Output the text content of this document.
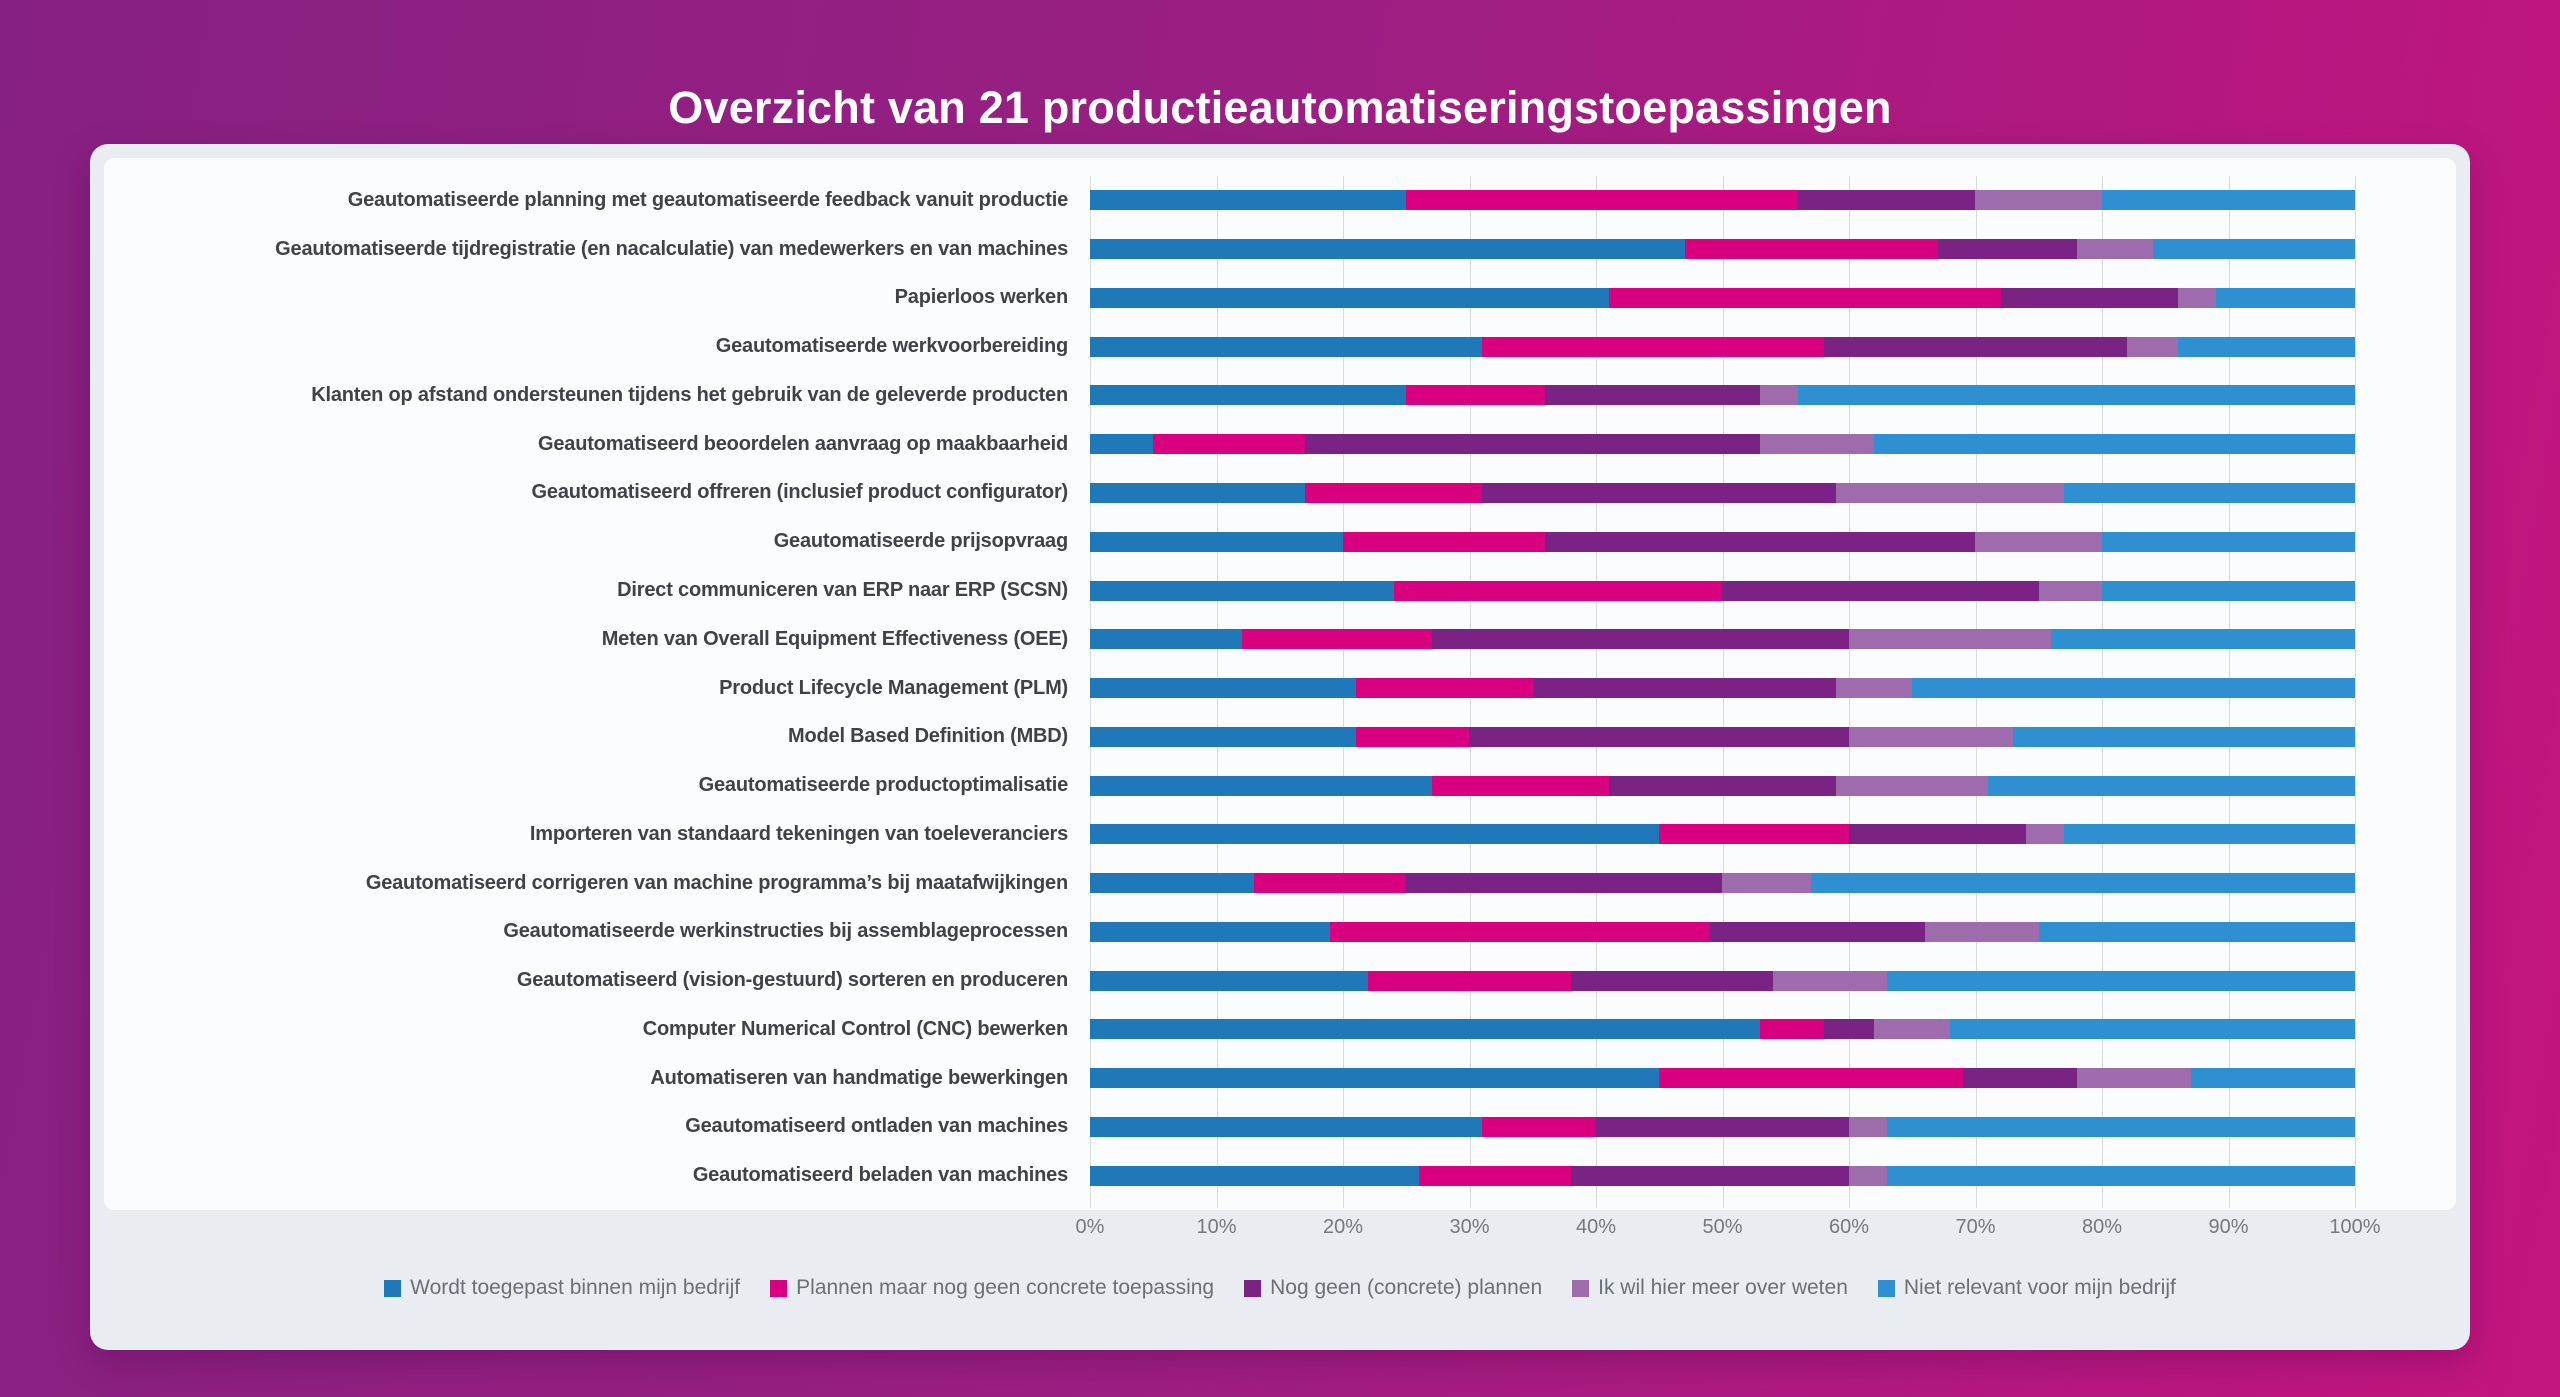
Overzicht van 21 productieautomatiseringstoepassingen
Geautomatiseerde planning met geautomatiseerde feedback vanuit productie
Geautomatiseerde tijdregistratie (en nacalculatie) van medewerkers en van machines
Papierloos werken
Geautomatiseerde werkvoorbereiding
Klanten op afstand ondersteunen tijdens het gebruik van de geleverde producten
Geautomatiseerd beoordelen aanvraag op maakbaarheid
Geautomatiseerd offreren (inclusief product configurator)
Geautomatiseerde prijsopvraag
Direct communiceren van ERP naar ERP (SCSN)
Meten van Overall Equipment Effectiveness (OEE)
Product Lifecycle Management (PLM)
Model Based Definition (MBD)
Geautomatiseerde productoptimalisatie
Importeren van standaard tekeningen van toeleveranciers
Geautomatiseerd corrigeren van machine programma’s bij maatafwijkingen
Geautomatiseerde werkinstructies bij assemblageprocessen
Geautomatiseerd (vision-gestuurd) sorteren en produceren
Computer Numerical Control (CNC) bewerken
Automatiseren van handmatige bewerkingen
Geautomatiseerd ontladen van machines
Geautomatiseerd beladen van machines
0%	10%	20%	30%	40%	50%	60%	70%	80%	90%	100%
Wordt toegepast binnen mijn bedrijf	Plannen maar nog geen concrete toepassing	Nog geen (concrete) plannen	Ik wil hier meer over weten	Niet relevant voor mijn bedrijf
